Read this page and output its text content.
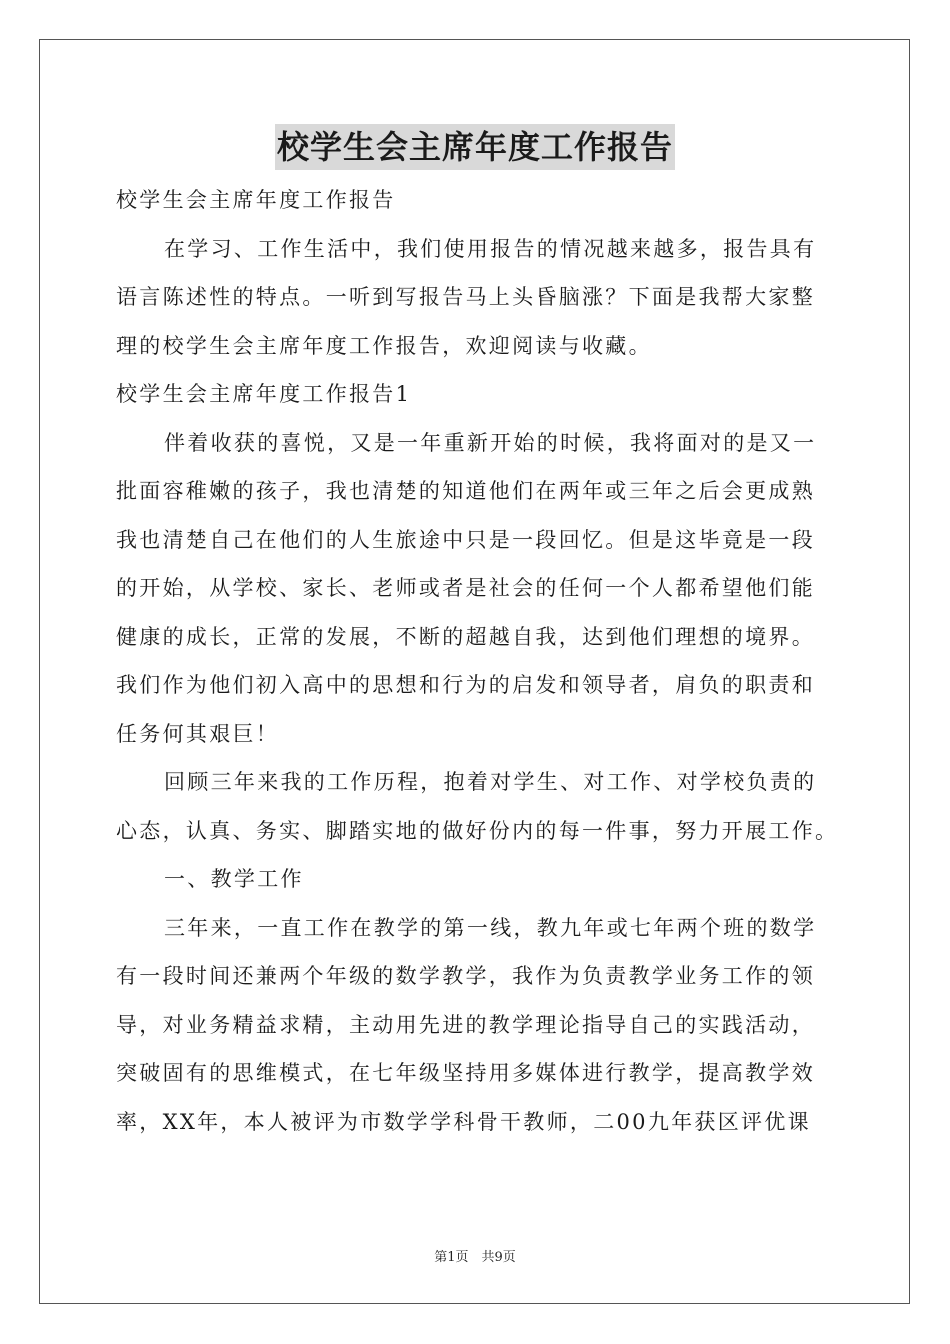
校学生会主席年度工作报告
校学生会主席年度工作报告
在学习、工作生活中，我们使用报告的情况越来越多，报告具有
语言陈述性的特点。一听到写报告马上头昏脑涨？下面是我帮大家整
理的校学生会主席年度工作报告，欢迎阅读与收藏。
校学生会主席年度工作报告1
伴着收获的喜悦，又是一年重新开始的时候，我将面对的是又一
批面容稚嫩的孩子，我也清楚的知道他们在两年或三年之后会更成熟
我也清楚自己在他们的人生旅途中只是一段回忆。但是这毕竟是一段
的开始，从学校、家长、老师或者是社会的任何一个人都希望他们能
健康的成长，正常的发展，不断的超越自我，达到他们理想的境界。
我们作为他们初入高中的思想和行为的启发和领导者，肩负的职责和
任务何其艰巨！
回顾三年来我的工作历程，抱着对学生、对工作、对学校负责的
心态，认真、务实、脚踏实地的做好份内的每一件事，努力开展工作。
一、教学工作
三年来，一直工作在教学的第一线，教九年或七年两个班的数学
有一段时间还兼两个年级的数学教学，我作为负责教学业务工作的领
导，对业务精益求精，主动用先进的教学理论指导自己的实践活动，
突破固有的思维模式，在七年级坚持用多媒体进行教学，提高教学效
率，XX年，本人被评为市数学学科骨干教师，二00九年获区评优课
第1页　共9页
